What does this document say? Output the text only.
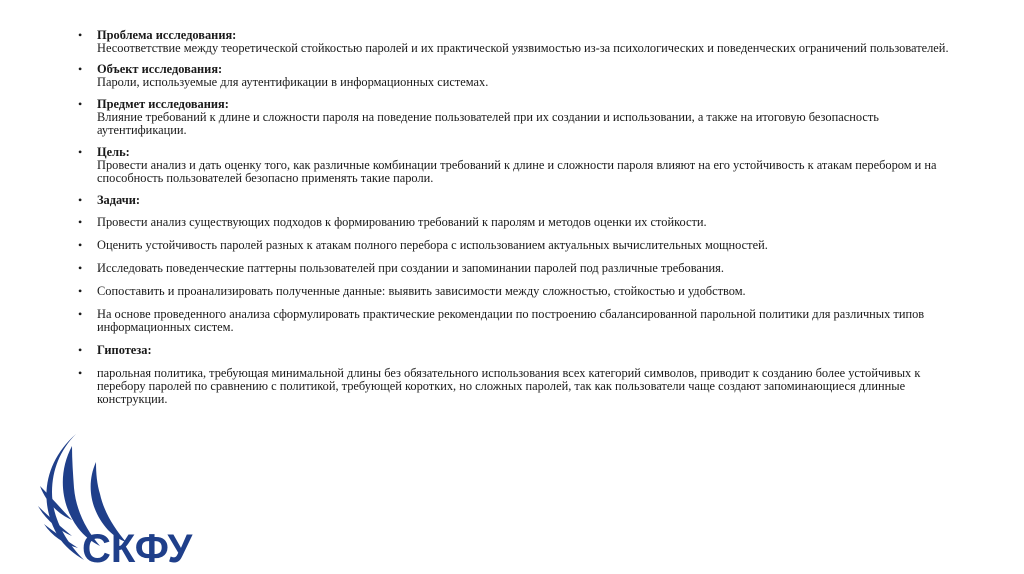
• Проблема исследования:
Несоответствие между теоретической стойкостью паролей и их практической уязвимостью из-за психологических и поведенческих ограничений пользователей.
• Объект исследования:
Пароли, используемые для аутентификации в информационных системах.
• Предмет исследования:
Влияние требований к длине и сложности пароля на поведение пользователей при их создании и использовании, а также на итоговую безопасность аутентификации.
• Цель:
Провести анализ и дать оценку того, как различные комбинации требований к длине и сложности пароля влияют на его устойчивость к атакам перебором и на способность пользователей безопасно применять такие пароли.
• Задачи:
• Провести анализ существующих подходов к формированию требований к паролям и методов оценки их стойкости.
• Оценить устойчивость паролей разных к атакам полного перебора с использованием актуальных вычислительных мощностей.
• Исследовать поведенческие паттерны пользователей при создании и запоминании паролей под различные требования.
• Сопоставить и проанализировать полученные данные: выявить зависимости между сложностью, стойкостью и удобством.
• На основе проведенного анализа сформулировать практические рекомендации по построению сбалансированной парольной политики для различных типов информационных систем.
• Гипотеза:
• парольная политика, требующая минимальной длины без обязательного использования всех категорий символов, приводит к созданию более устойчивых к перебору паролей по сравнению с политикой, требующей коротких, но сложных паролей, так как пользователи чаще создают запоминающиеся длинные конструкции.
СКФУ
